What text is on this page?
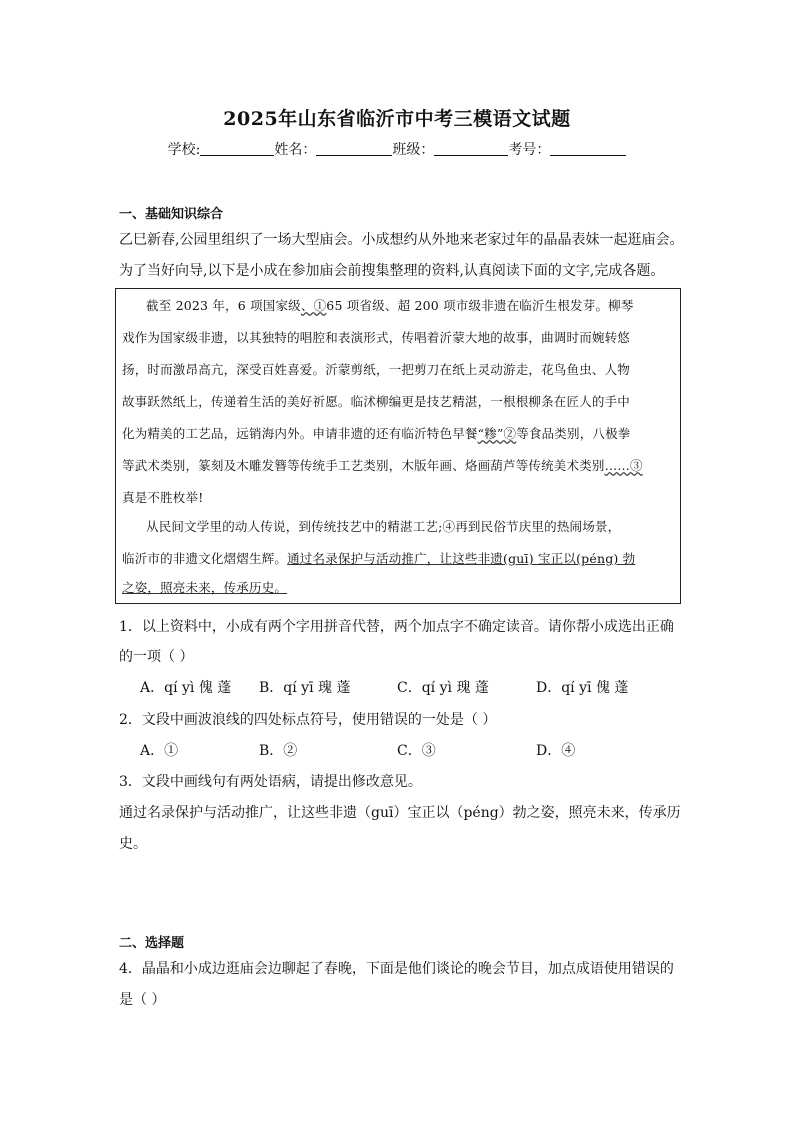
2025年山东省临沂市中考三模语文试题
学校:	姓名：	班级：	考号：
一、基础知识综合
乙巳新春,公园里组织了一场大型庙会。小成想约从外地来老家过年的晶晶表妹一起逛庙会。
为了当好向导,以下是小成在参加庙会前搜集整理的资料,认真阅读下面的文字,完成各题。
截至 2023 年，6 项国家级、①65 项省级、超 200 项市级非遗在临沂生根发芽。柳琴
戏作为国家级非遗，以其独特的唱腔和表演形式，传唱着沂蒙大地的故事，曲调时而婉转悠
扬，时而激昂高亢，深受百姓喜爱。沂蒙剪纸，一把剪刀在纸上灵动游走，花鸟鱼虫、人物
故事跃然纸上，传递着生活的美好祈愿。临沭柳编更是技艺精湛，一根根柳条在匠人的手中
化为精美的工艺品，远销海内外。申请非遗的还有临沂特色早餐“糁”②等食品类别，八极拳
等武术类别，篆刻及木雕发簪等传统手工艺类别，木版年画、烙画葫芦等传统美术类别……③
真是不胜枚举!
从民间文学里的动人传说，到传统技艺中的精湛工艺;④再到民俗节庆里的热闹场景，
临沂市的非遗文化熠熠生辉。通过名录保护与活动推广，让这些非遗(guī) 宝正以(péng) 勃
之姿，照亮未来，传承历史。
1．以上资料中，小成有两个字用拼音代替，两个加点字不确定读音。请你帮小成选出正确
的一项（ ）
A．qí yì 傀 蓬 B．qí yī 瑰 蓬	C．qí yì 瑰 蓬	D．qí yī 傀 蓬
2．文段中画波浪线的四处标点符号，使用错误的一处是（ ）
A．①	B．②	C．③	D．④
3．文段中画线句有两处语病，请提出修改意见。
通过名录保护与活动推广，让这些非遗（guī）宝正以（péng）勃之姿，照亮未来，传承历
史。
二、选择题
4．晶晶和小成边逛庙会边聊起了春晚，下面是他们谈论的晚会节目，加点成语使用错误的
是（ ）
